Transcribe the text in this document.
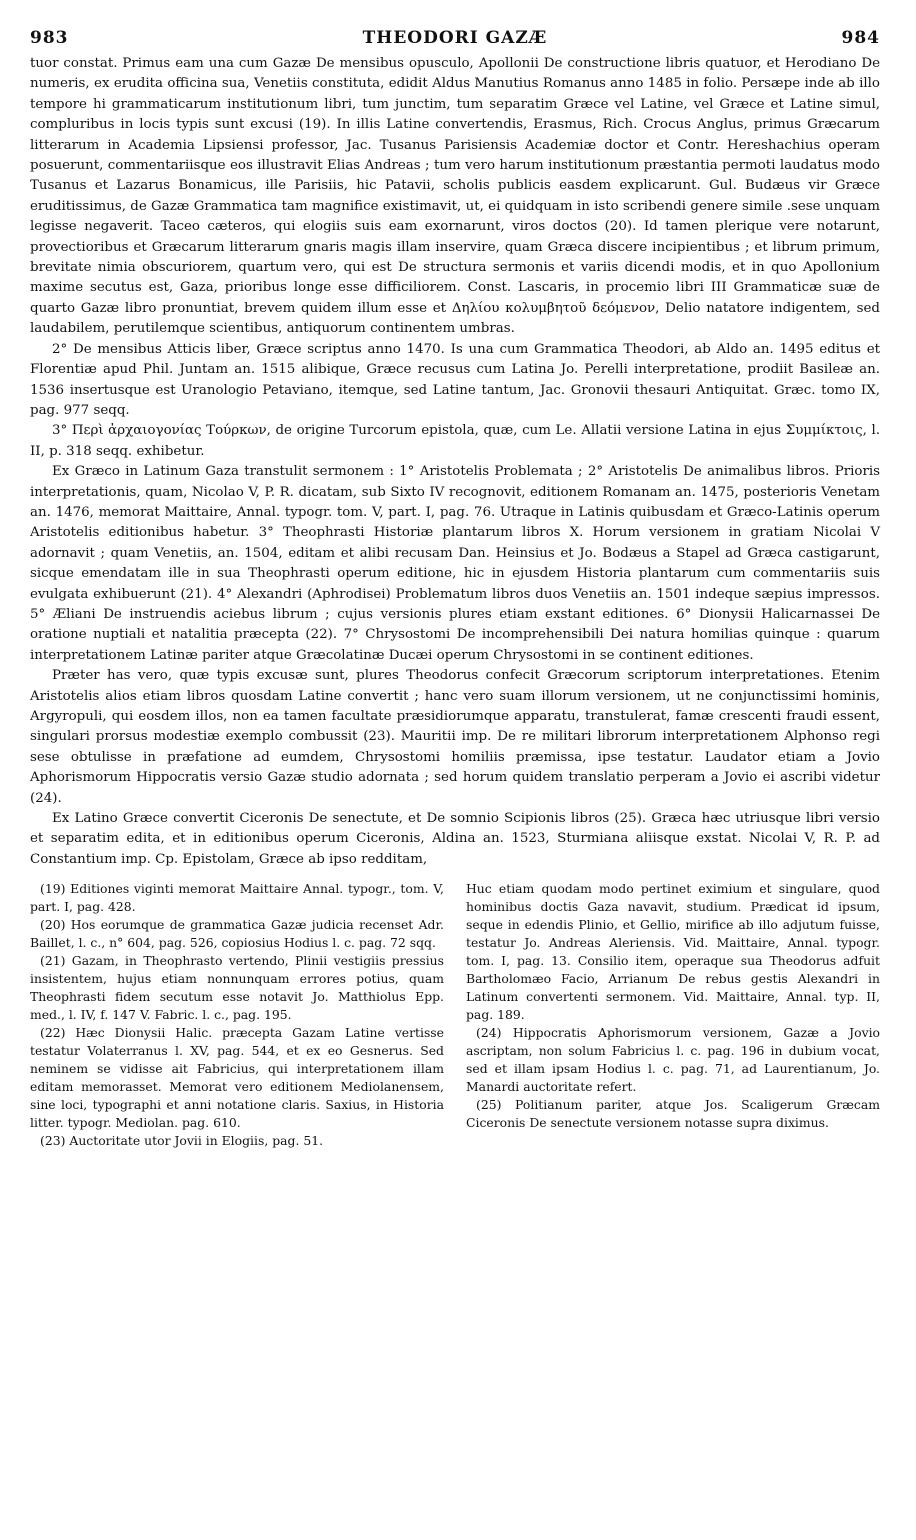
983	THEODORI GAZÆ	984

tuor constat. Primus eam una cum Gazæ De mensibus opusculo, Apollonii De constructione libris quatuor, et Herodiano De numeris, ex erudita officina sua, Venetiis constituta, edidit Aldus Manutius Romanus anno 1485 in folio. Persæpe inde ab illo tempore hi grammaticarum institutionum libri, tum junctim, tum separatim Græce vel Latine, vel Græce et Latine simul, compluribus in locis typis sunt excusi (19). In illis Latine convertendis, Erasmus, Rich. Crocus Anglus, primus Græcarum litterarum in Academia Lipsiensi professor, Jac. Tusanus Parisiensis Academiæ doctor et Contr. Hereshachius operam posuerunt, commentariisque eos illustravit Elias Andreas ; tum vero harum institutionum præstantia permoti laudatus modo Tusanus et Lazarus Bonamicus, ille Parisiis, hic Patavii, scholis publicis easdem explicarunt. Gul. Budæus vir Græce eruditissimus, de Gazæ Grammatica tam magnifice existimavit, ut, ei quidquam in isto scribendi genere simile .sese unquam legisse negaverit. Taceo cæteros, qui elogiis suis eam exornarunt, viros doctos (20). Id tamen plerique vere notarunt, provectioribus et Græcarum litterarum gnaris magis illam inservire, quam Græca discere incipientibus ; et librum primum, brevitate nimia obscuriorem, quartum vero, qui est De structura sermonis et variis dicendi modis, et in quo Apollonium maxime secutus est, Gaza, prioribus longe esse difficiliorem. Const. Lascaris, in procemio libri III Grammaticæ suæ de quarto Gazæ libro pronuntiat, brevem quidem illum esse et Δηλίου κολυμβητοῦ δεόμενον, Delio natatore indigentem, sed laudabilem, perutilemque scientibus, antiquorum continentem umbras.

2° De mensibus Atticis liber, Græce scriptus anno 1470. Is una cum Grammatica Theodori, ab Aldo an. 1495 editus et Florentiæ apud Phil. Juntam an. 1515 alibique, Græce recusus cum Latina Jo. Perelli interpretatione, prodiit Basileæ an. 1536 insertusque est Uranologio Petaviano, itemque, sed Latine tantum, Jac. Gronovii thesauri Antiquitat. Græc. tomo IX, pag. 977 seqq.

3° Περὶ ἀρχαιογονίας Τούρκων, de origine Turcorum epistola, quæ, cum Le. Allatii versione Latina in ejus Συμμίκτοις, l. II, p. 318 seqq. exhibetur.

Ex Græco in Latinum Gaza transtulit sermonem : 1° Aristotelis Problemata ; 2° Aristotelis De animalibus libros. Prioris interpretationis, quam, Nicolao V, P. R. dicatam, sub Sixto IV recognovit, editionem Romanam an. 1475, posterioris Venetam an. 1476, memorat Maittaire, Annal. typogr. tom. V, part. I, pag. 76. Utraque in Latinis quibusdam et Græco-Latinis operum Aristotelis editionibus habetur. 3° Theophrasti Historiæ plantarum libros X. Horum versionem in gratiam Nicolai V adornavit ; quam Venetiis, an. 1504, editam et alibi recusam Dan. Heinsius et Jo. Bodæus a Stapel ad Græca castigarunt, sicque emendatam ille in sua Theophrasti operum editione, hic in ejusdem Historia plantarum cum commentariis suis evulgata exhibuerunt (21). 4° Alexandri (Aphrodisei) Problematum libros duos Venetiis an. 1501 indeque sæpius impressos. 5° Æliani De instruendis aciebus librum ; cujus versionis plures etiam exstant editiones. 6° Dionysii Halicarnassei De oratione nuptiali et natalitia præcepta (22). 7° Chrysostomi De incomprehensibili Dei natura homilias quinque : quarum interpretationem Latinæ pariter atque Græcolatinæ Ducæi operum Chrysostomi in se continent editiones.

Præter has vero, quæ typis excusæ sunt, plures Theodorus confecit Græcorum scriptorum interpretationes. Etenim Aristotelis alios etiam libros quosdam Latine convertit ; hanc vero suam illorum versionem, ut ne conjunctissimi hominis, Argyropuli, qui eosdem illos, non ea tamen facultate præsidiorumque apparatu, transtulerat, famæ crescenti fraudi essent, singulari prorsus modestiæ exemplo combussit (23). Mauritii imp. De re militari librorum interpretationem Alphonso regi sese obtulisse in præfatione ad eumdem, Chrysostomi homiliis præmissa, ipse testatur. Laudator etiam a Jovio Aphorismorum Hippocratis versio Gazæ studio adornata ; sed horum quidem translatio perperam a Jovio ei ascribi videtur (24).

Ex Latino Græce convertit Ciceronis De senectute, et De somnio Scipionis libros (25). Græca hæc utriusque libri versio et separatim edita, et in editionibus operum Ciceronis, Aldina an. 1523, Sturmiana aliisque exstat. Nicolai V, R. P. ad Constantium imp. Cp. Epistolam, Græce ab ipso redditam,

(19) Editiones viginti memorat Maittaire Annal. typogr., tom. V, part. I, pag. 428.

(20) Hos eorumque de grammatica Gazæ judicia recenset Adr. Baillet, l. c., n° 604, pag. 526, copiosius Hodius l. c. pag. 72 sqq.

(21) Gazam, in Theophrasto vertendo, Plinii vestigiis pressius insistentem, hujus etiam nonnunquam errores potius, quam Theophrasti fidem secutum esse notavit Jo. Matthiolus Epp. med., l. IV, f. 147 V. Fabric. l. c., pag. 195.

(22) Hæc Dionysii Halic. præcepta Gazam Latine vertisse testatur Volaterranus l. XV, pag. 544, et ex eo Gesnerus. Sed neminem se vidisse ait Fabricius, qui interpretationem illam editam memorasset. Memorat vero editionem Mediolanensem, sine loci, typographi et anni notatione claris. Saxius, in Historia litter. typogr. Mediolan. pag. 610.

(23) Auctoritate utor Jovii in Elogiis, pag. 51.

Huc etiam quodam modo pertinet eximium et singulare, quod hominibus doctis Gaza navavit, studium. Prædicat id ipsum, seque in edendis Plinio, et Gellio, mirifice ab illo adjutum fuisse, testatur Jo. Andreas Aleriensis. Vid. Maittaire, Annal. typogr. tom. I, pag. 13. Consilio item, operaque sua Theodorus adfuit Bartholomæo Facio, Arrianum De rebus gestis Alexandri in Latinum convertenti sermonem. Vid. Maittaire, Annal. typ. II, pag. 189.

(24) Hippocratis Aphorismorum versionem, Gazæ a Jovio ascriptam, non solum Fabricius l. c. pag. 196 in dubium vocat, sed et illam ipsam Hodius l. c. pag. 71, ad Laurentianum, Jo. Manardi auctoritate refert.

(25) Politianum pariter, atque Jos. Scaligerum Græcam Ciceronis De senectute versionem notasse supra diximus.
